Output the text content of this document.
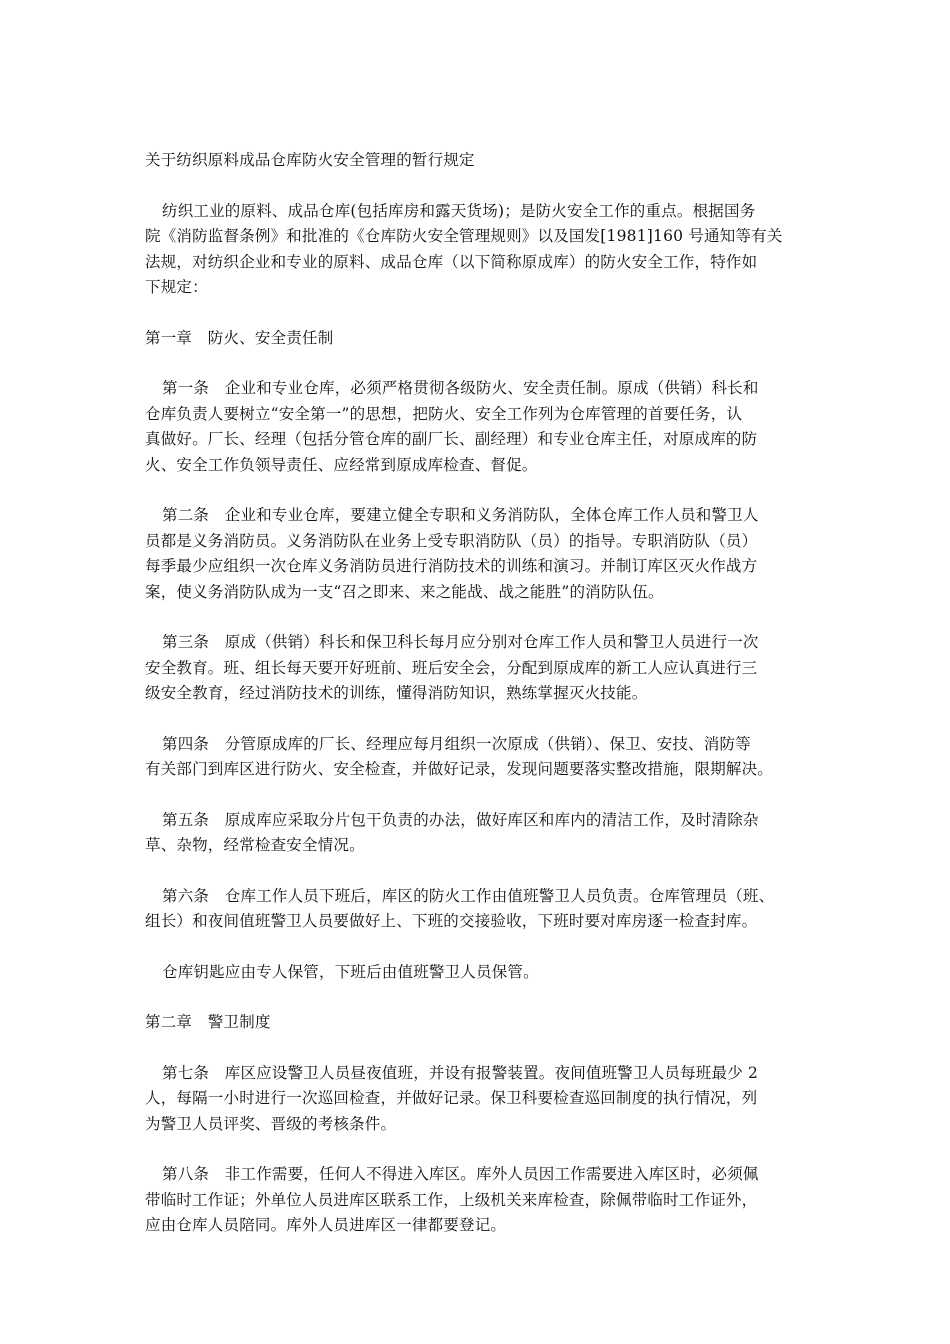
关于纺织原料成品仓库防火安全管理的暂行规定
纺织工业的原料、成品仓库(包括库房和露天货场)；是防火安全工作的重点。根据国务
院《消防监督条例》和批准的《仓库防火安全管理规则》以及国发[1981]160 号通知等有关
法规，对纺织企业和专业的原料、成品仓库（以下简称原成库）的防火安全工作，特作如
下规定：
第一章　防火、安全责任制
第一条　企业和专业仓库，必须严格贯彻各级防火、安全责任制。原成（供销）科长和
仓库负责人要树立“安全第一”的思想，把防火、安全工作列为仓库管理的首要任务，认
真做好。厂长、经理（包括分管仓库的副厂长、副经理）和专业仓库主任，对原成库的防
火、安全工作负领导责任、应经常到原成库检查、督促。
第二条　企业和专业仓库，要建立健全专职和义务消防队，全体仓库工作人员和警卫人
员都是义务消防员。义务消防队在业务上受专职消防队（员）的指导。专职消防队（员）
每季最少应组织一次仓库义务消防员进行消防技术的训练和演习。并制订库区灭火作战方
案，使义务消防队成为一支“召之即来、来之能战、战之能胜”的消防队伍。
第三条　原成（供销）科长和保卫科长每月应分别对仓库工作人员和警卫人员进行一次
安全教育。班、组长每天要开好班前、班后安全会，分配到原成库的新工人应认真进行三
级安全教育，经过消防技术的训练，懂得消防知识，熟练掌握灭火技能。
第四条　分管原成库的厂长、经理应每月组织一次原成（供销）、保卫、安技、消防等
有关部门到库区进行防火、安全检查，并做好记录，发现问题要落实整改措施，限期解决。
第五条　原成库应采取分片包干负责的办法，做好库区和库内的清洁工作，及时清除杂
草、杂物，经常检查安全情况。
第六条　仓库工作人员下班后，库区的防火工作由值班警卫人员负责。仓库管理员（班、
组长）和夜间值班警卫人员要做好上、下班的交接验收，下班时要对库房逐一检查封库。
仓库钥匙应由专人保管，下班后由值班警卫人员保管。
第二章　警卫制度
第七条　库区应设警卫人员昼夜值班，并设有报警装置。夜间值班警卫人员每班最少 2
人，每隔一小时进行一次巡回检查，并做好记录。保卫科要检查巡回制度的执行情况，列
为警卫人员评奖、晋级的考核条件。
第八条　非工作需要，任何人不得进入库区。库外人员因工作需要进入库区时，必须佩
带临时工作证；外单位人员进库区联系工作，上级机关来库检查，除佩带临时工作证外，
应由仓库人员陪同。库外人员进库区一律都要登记。
